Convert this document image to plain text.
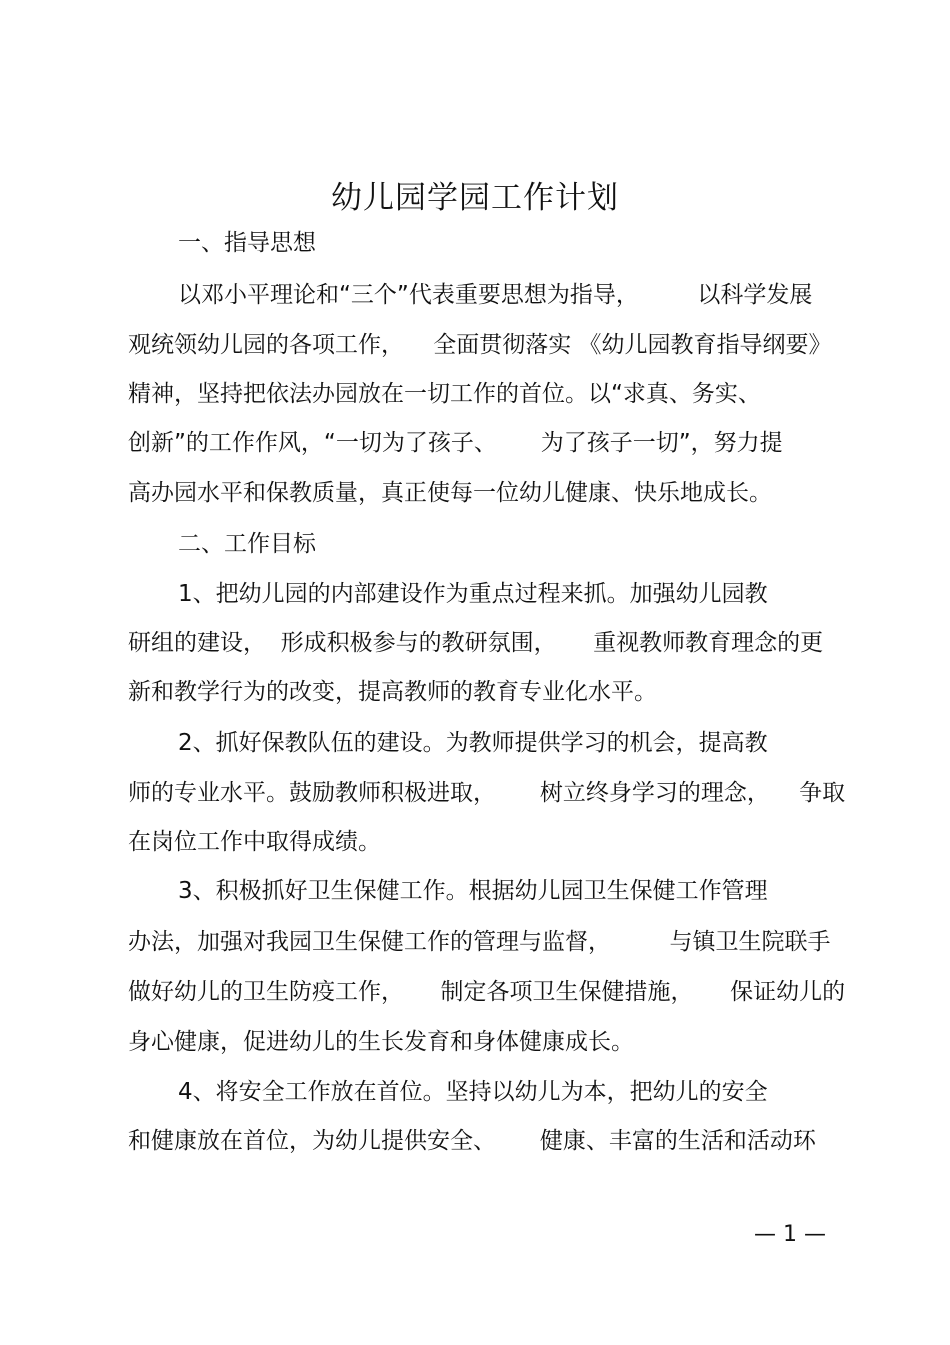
幼儿园学园工作计划
一、指导思想
以邓小平理论和“三个”代表重要思想为指导，        以科学发展
观统领幼儿园的各项工作，    全面贯彻落实 《幼儿园教育指导纲要》
精神，坚持把依法办园放在一切工作的首位。以“求真、务实、
创新”的工作作风，“一切为了孩子、      为了孩子一切”，努力提
高办园水平和保教质量，真正使每一位幼儿健康、快乐地成长。
二、工作目标
1、把幼儿园的内部建设作为重点过程来抓。加强幼儿园教
研组的建设，  形成积极参与的教研氛围，     重视教师教育理念的更
新和教学行为的改变，提高教师的教育专业化水平。
2、抓好保教队伍的建设。为教师提供学习的机会，提高教
师的专业水平。鼓励教师积极进取，      树立终身学习的理念，    争取
在岗位工作中取得成绩。
3、积极抓好卫生保健工作。根据幼儿园卫生保健工作管理
办法，加强对我园卫生保健工作的管理与监督，        与镇卫生院联手
做好幼儿的卫生防疫工作，     制定各项卫生保健措施，     保证幼儿的
身心健康，促进幼儿的生长发育和身体健康成长。
4、将安全工作放在首位。坚持以幼儿为本，把幼儿的安全
和健康放在首位，为幼儿提供安全、      健康、丰富的生活和活动环
— 1 —
